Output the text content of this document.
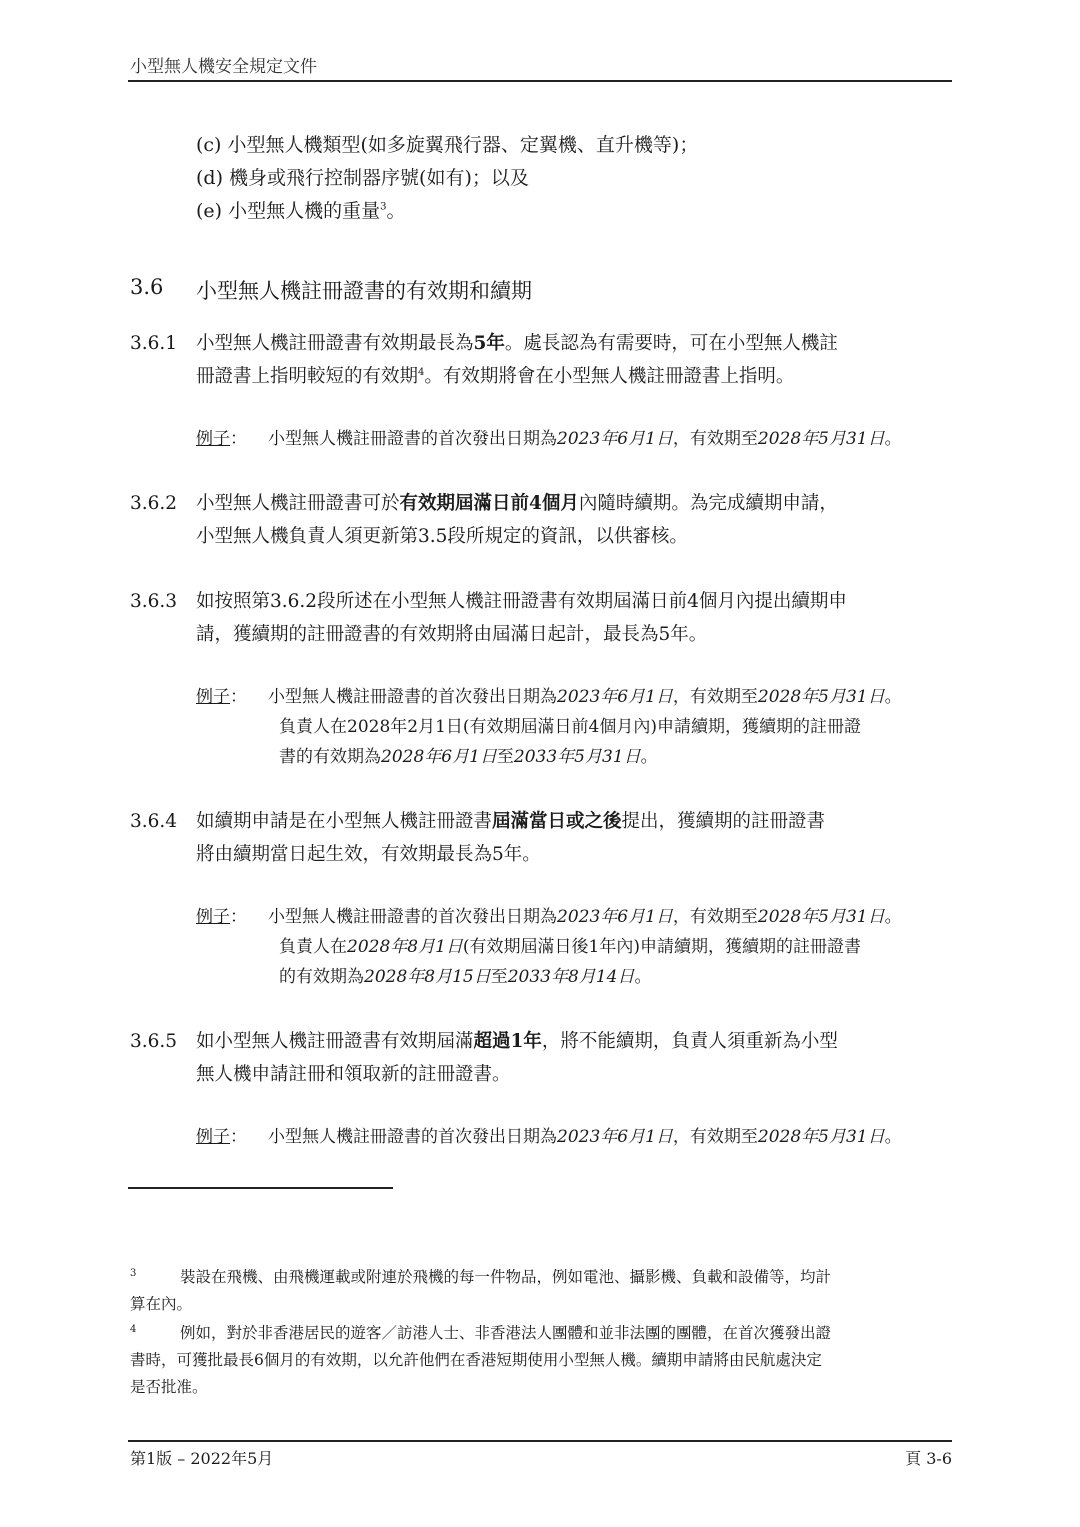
小型無人機安全規定文件
(c) 小型無人機類型(如多旋翼飛行器、定翼機、直升機等)；
(d) 機身或飛行控制器序號(如有)；以及
(e) 小型無人機的重量$^3$。
3.6 小型無人機註冊證書的有效期和續期
3.6.1 小型無人機註冊證書有效期最長為5年。處長認為有需要時，可在小型無人機註
冊證書上指明較短的有效期$^4$。有效期將會在小型無人機註冊證書上指明。
例子： 小型無人機註冊證書的首次發出日期為2023年6月1日，有效期至2028年5月31日。
3.6.2 小型無人機註冊證書可於有效期屆滿日前4個月內隨時續期。為完成續期申請，
小型無人機負責人須更新第3.5段所規定的資訊，以供審核。
3.6.3 如按照第3.6.2段所述在小型無人機註冊證書有效期屆滿日前4個月內提出續期申
請，獲續期的註冊證書的有效期將由屆滿日起計，最長為5年。
例子： 小型無人機註冊證書的首次發出日期為2023年6月1日，有效期至2028年5月31日。
負責人在2028年2月1日(有效期屆滿日前4個月內)申請續期，獲續期的註冊證
書的有效期為2028年6月1日至2033年5月31日。
3.6.4 如續期申請是在小型無人機註冊證書屆滿當日或之後提出，獲續期的註冊證書
將由續期當日起生效，有效期最長為5年。
例子： 小型無人機註冊證書的首次發出日期為2023年6月1日，有效期至2028年5月31日。
負責人在2028年8月1日(有效期屆滿日後1年內)申請續期，獲續期的註冊證書
的有效期為2028年8月15日至2033年8月14日。
3.6.5 如小型無人機註冊證書有效期屆滿超過1年，將不能續期，負責人須重新為小型
無人機申請註冊和領取新的註冊證書。
例子： 小型無人機註冊證書的首次發出日期為2023年6月1日，有效期至2028年5月31日。
3	裝設在飛機、由飛機運載或附連於飛機的每一件物品，例如電池、攝影機、負載和設備等，均計
算在內。
4	例如，對於非香港居民的遊客／訪港人士、非香港法人團體和並非法團的團體，在首次獲發出證
書時，可獲批最長6個月的有效期，以允許他們在香港短期使用小型無人機。續期申請將由民航處決定
是否批准。
第1版 – 2022年5月	頁 3-6
